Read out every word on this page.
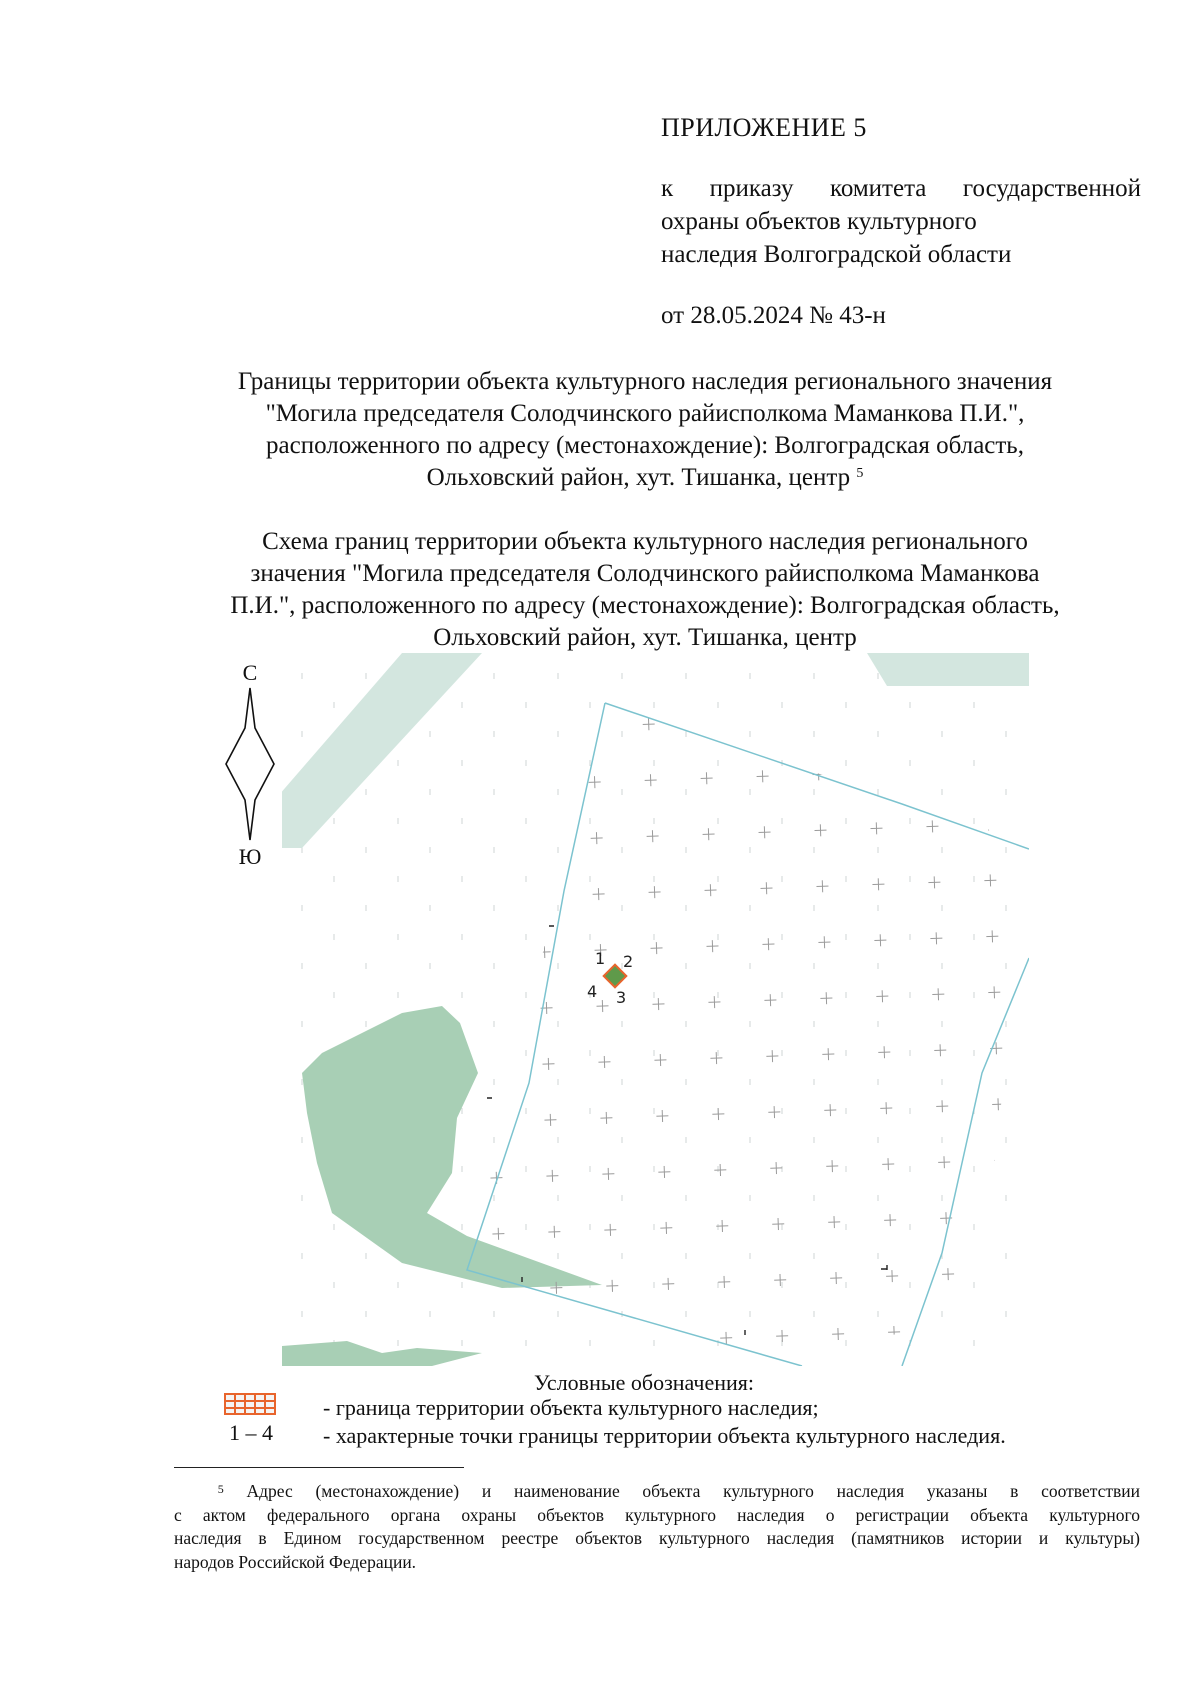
ПРИЛОЖЕНИЕ 5
к приказу комитета государственной
охраны объектов культурного
наследия Волгоградской области
от 28.05.2024 № 43-н
Границы территории объекта культурного наследия регионального значения
"Могила председателя Солодчинского райисполкома Маманкова П.И.",
расположенного по адресу (местонахождение): Волгоградская область,
Ольховский район, хут. Тишанка, центр $^5$
Схема границ территории объекта культурного наследия регионального
значения "Могила председателя Солодчинского райисполкома Маманкова
П.И.", расположенного по адресу (местонахождение): Волгоградская область,
Ольховский район, хут. Тишанка, центр
С
Ю
1 2
3
4
Условные обозначения:
1 – 4
- граница территории объекта культурного наследия;
- характерные точки границы территории объекта культурного наследия.
   $^5$ Адрес (местонахождение) и наименование объекта культурного наследия указаны в соответствии
с актом федерального органа охраны объектов культурного наследия о регистрации объекта культурного
наследия в Едином государственном реестре объектов культурного наследия (памятников истории и культуры)
народов Российской Федерации.
